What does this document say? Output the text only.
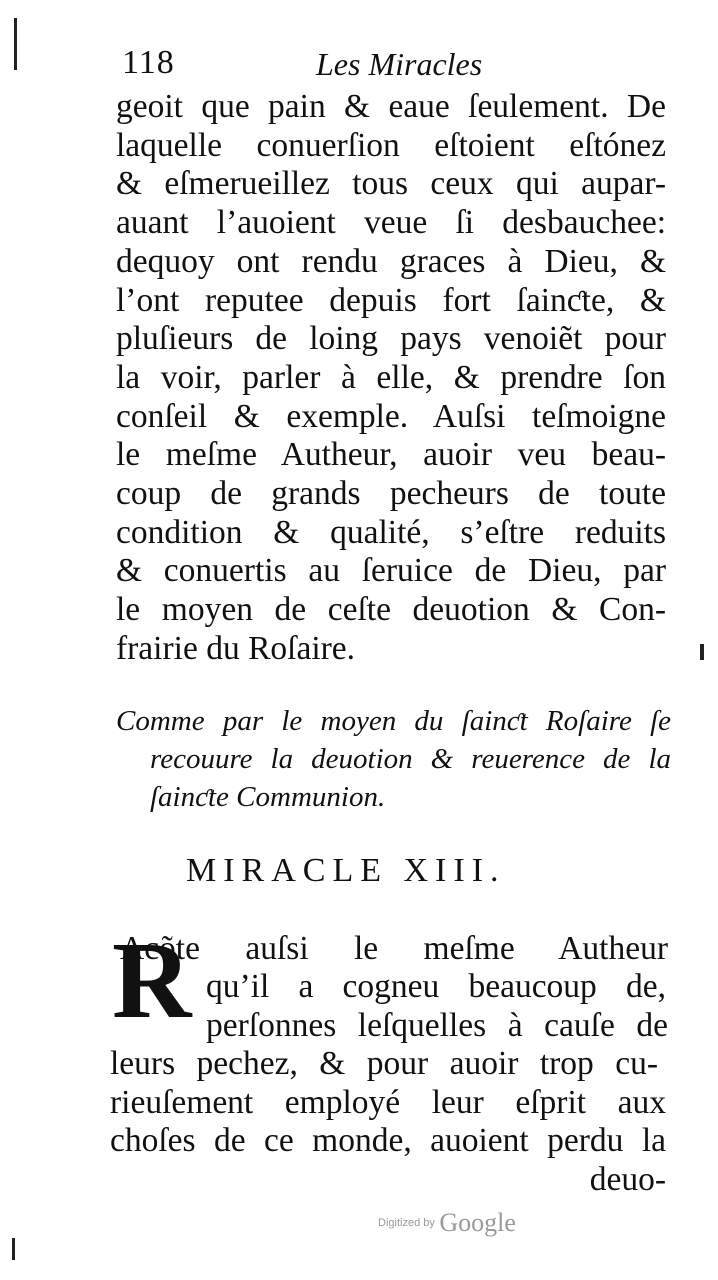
118	Les Miracles
geoit que pain & eaue ſeulement. De
laquelle conuerſion eſtoient eſtónez
& eſmerueillez tous ceux qui aupar-
auant l’auoient veue ſi desbauchee:
dequoy ont rendu graces à Dieu, &
l’ont reputee depuis fort ſainƈte, &
pluſieurs de loing pays venoiẽt pour
la voir, parler à elle, & prendre ſon
conſeil & exemple. Auſsi teſmoigne
le meſme Autheur, auoir veu beau-
coup de grands pecheurs de toute
condition & qualité, s’eſtre reduits
& conuertis au ſeruice de Dieu, par
le moyen de ceſte deuotion & Con-
frairie du Roſaire.
Comme par le moyen du ſainƈt Roſaire ſe
recouure la deuotion & reuerence de la
ſainƈte Communion.
MIRACLE XIII.
R
Acõte auſsi le meſme Autheur
qu’il a cogneu beaucoup de,
perſonnes leſquelles à cauſe de
leurs pechez, & pour auoir trop cu-
rieuſement employé leur eſprit aux
choſes de ce monde, auoient perdu la
deuo-
Digitized by Google
